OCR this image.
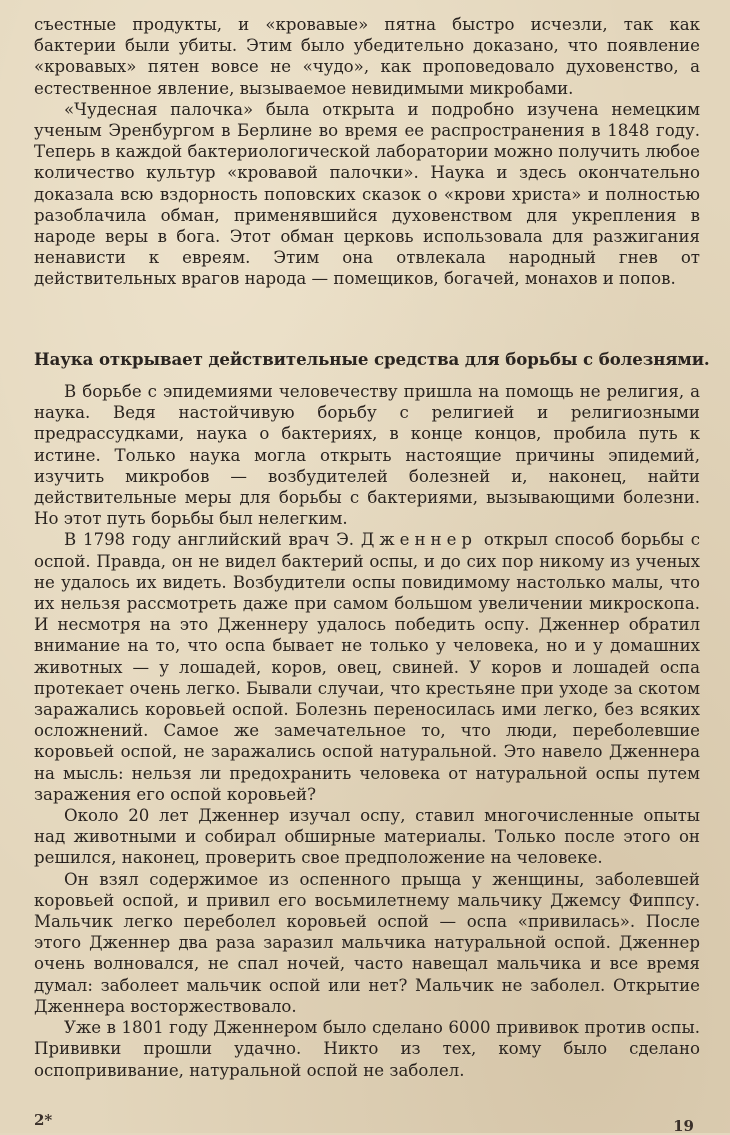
съестные продукты, и «кровавые» пятна быстро исчезли, так как бактерии были убиты. Этим было убедительно доказано, что появление «кровавых» пятен вовсе не «чудо», как проповедовало духовенство, а естественное явление, вызываемое невидимыми микробами.

«Чудесная палочка» была открыта и подробно изучена немецким ученым Эренбургом в Берлине во время ее распространения в 1848 году. Теперь в каждой бактериологической лаборатории можно получить любое количество культур «кровавой палочки». Наука и здесь окончательно доказала всю вздорность поповских сказок о «крови христа» и полностью разоблачила обман, применявшийся духовенством для укрепления в народе веры в бога. Этот обман церковь использовала для разжигания ненависти к евреям. Этим она отвлекала народный гнев от действительных врагов народа — помещиков, богачей, монахов и попов.

Наука открывает действительные средства для борьбы с болезнями.

В борьбе с эпидемиями человечеству пришла на помощь не религия, а наука. Ведя настойчивую борьбу с религией и религиозными предрассудками, наука о бактериях, в конце концов, пробила путь к истине. Только наука могла открыть настоящие причины эпидемий, изучить микробов — возбудителей болезней и, наконец, найти действительные меры для борьбы с бактериями, вызывающими болезни. Но этот путь борьбы был нелегким.

В 1798 году английский врач Э. Дженнер открыл способ борьбы с оспой. Правда, он не видел бактерий оспы, и до сих пор никому из ученых не удалось их видеть. Возбудители оспы повидимому настолько малы, что их нельзя рассмотреть даже при самом большом увеличении микроскопа. И несмотря на это Дженнеру удалось победить оспу. Дженнер обратил внимание на то, что оспа бывает не только у человека, но и у домашних животных — у лошадей, коров, овец, свиней. У коров и лошадей оспа протекает очень легко. Бывали случаи, что крестьяне при уходе за скотом заражались коровьей оспой. Болезнь переносилась ими легко, без всяких осложнений. Самое же замечательное то, что люди, переболевшие коровьей оспой, не заражались оспой натуральной. Это навело Дженнера на мысль: нельзя ли предохранить человека от натуральной оспы путем заражения его оспой коровьей?

Около 20 лет Дженнер изучал оспу, ставил многочисленные опыты над животными и собирал обширные материалы. Только после этого он решился, наконец, проверить свое предположение на человеке.

Он взял содержимое из оспенного прыща у женщины, заболевшей коровьей оспой, и привил его восьмилетнему мальчику Джемсу Фиппсу. Мальчик легко переболел коровьей оспой — оспа «привилась». После этого Дженнер два раза заразил мальчика натуральной оспой. Дженнер очень волновался, не спал ночей, часто навещал мальчика и все время думал: заболеет мальчик оспой или нет? Мальчик не заболел. Открытие Дженнера восторжествовало.

Уже в 1801 году Дженнером было сделано 6000 прививок против оспы. Прививки прошли удачно. Никто из тех, кому было сделано оспопрививание, натуральной оспой не заболел.

2*	19
